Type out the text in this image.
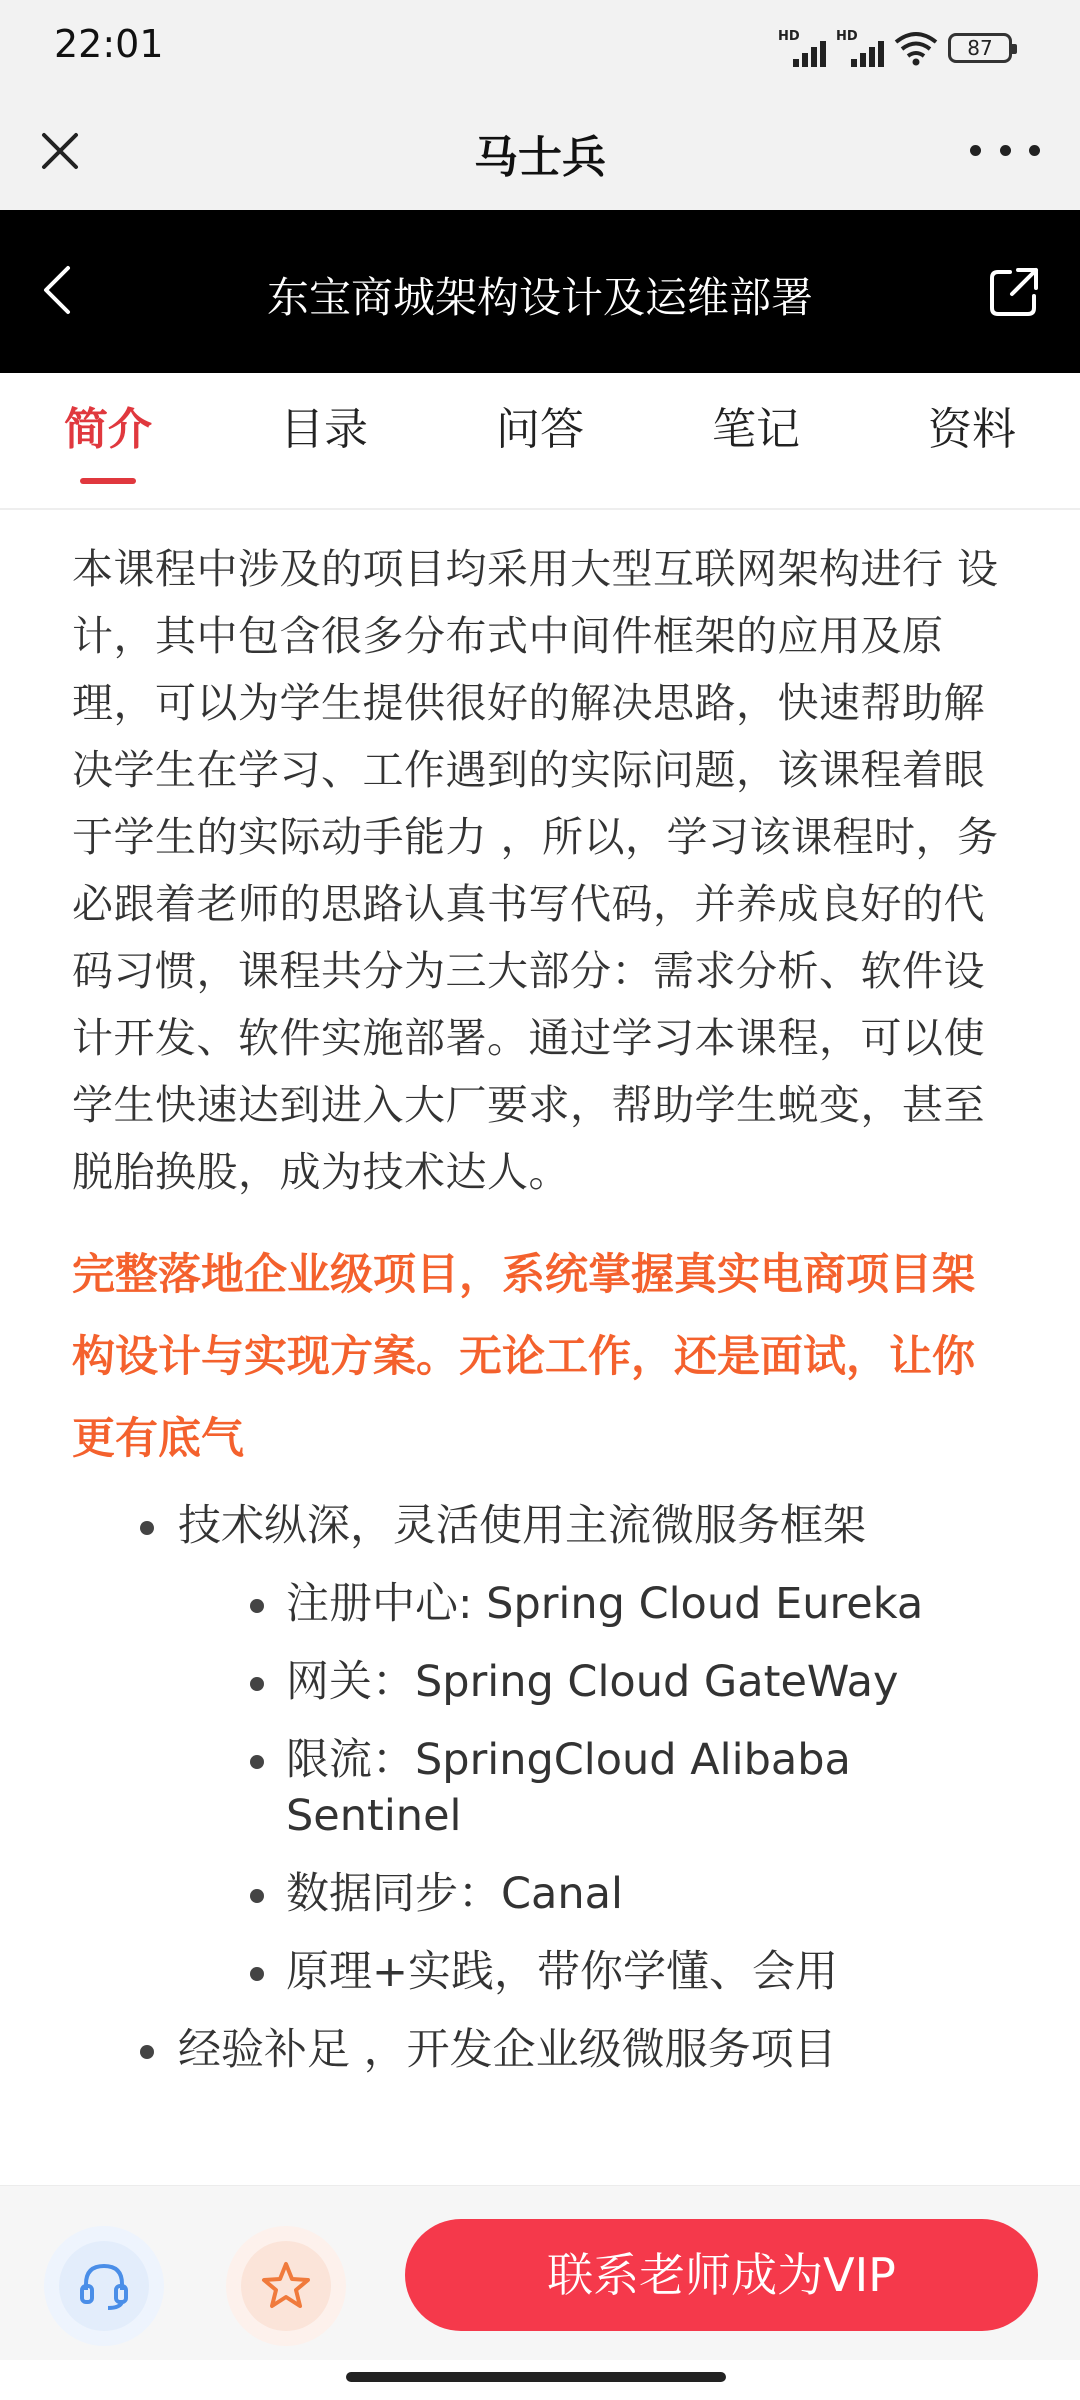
22:01	HD	HD	87
马士兵
东宝商城架构设计及运维部署
简介	目录	问答	笔记	资料

本课程中涉及的项目均采用大型互联网架构进行 设计，其中包含很多分布式中间件框架的应用及原理，可以为学生提供很好的解决思路，快速帮助解决学生在学习、工作遇到的实际问题，该课程着眼于学生的实际动手能力 ，所以，学习该课程时，务必跟着老师的思路认真书写代码，并养成良好的代码习惯，课程共分为三大部分：需求分析、软件设计开发、软件实施部署。通过学习本课程，可以使学生快速达到进入大厂要求，帮助学生蜕变，甚至脱胎换股，成为技术达人。

完整落地企业级项目，系统掌握真实电商项目架构设计与实现方案。无论工作，还是面试，让你更有底气
技术纵深，灵活使用主流微服务框架
注册中心: Spring Cloud Eureka
网关：Spring Cloud GateWay
限流：SpringCloud Alibaba Sentinel
数据同步：Canal
原理+实践，带你学懂、会用
经验补足 ，开发企业级微服务项目
联系老师成为VIP
